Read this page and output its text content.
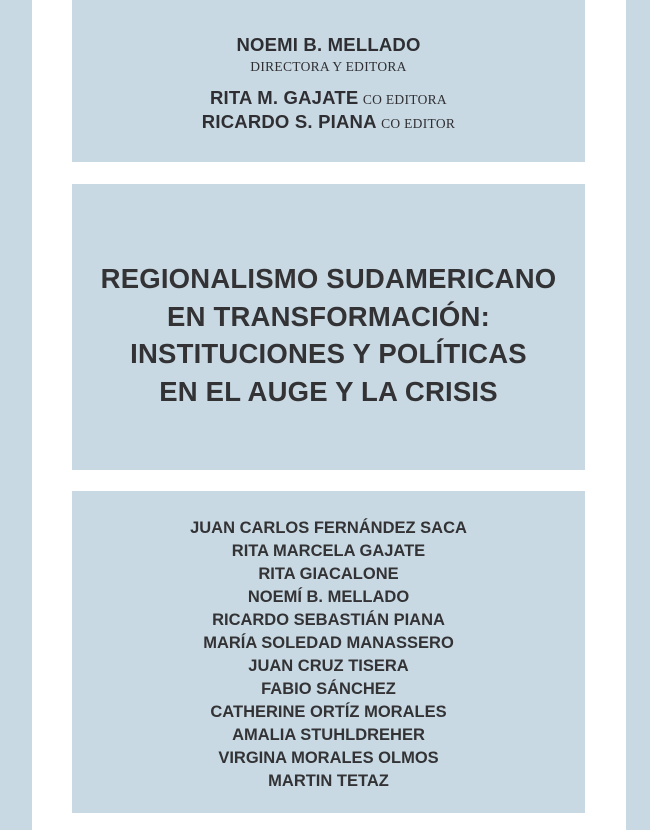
NOEMI B. MELLADO
DIRECTORA Y EDITORA
RITA M. GAJATE CO EDITORA
RICARDO S. PIANA CO EDITOR
REGIONALISMO SUDAMERICANO
EN TRANSFORMACIÓN:
INSTITUCIONES Y POLÍTICAS
EN EL AUGE Y LA CRISIS
JUAN CARLOS FERNÁNDEZ SACA
RITA MARCELA GAJATE
RITA GIACALONE
NOEMÍ B. MELLADO
RICARDO SEBASTIÁN PIANA
MARÍA SOLEDAD MANASSERO
JUAN CRUZ TISERA
FABIO SÁNCHEZ
CATHERINE ORTÍZ MORALES
AMALIA STUHLDREHER
VIRGINA MORALES OLMOS
MARTIN TETAZ
